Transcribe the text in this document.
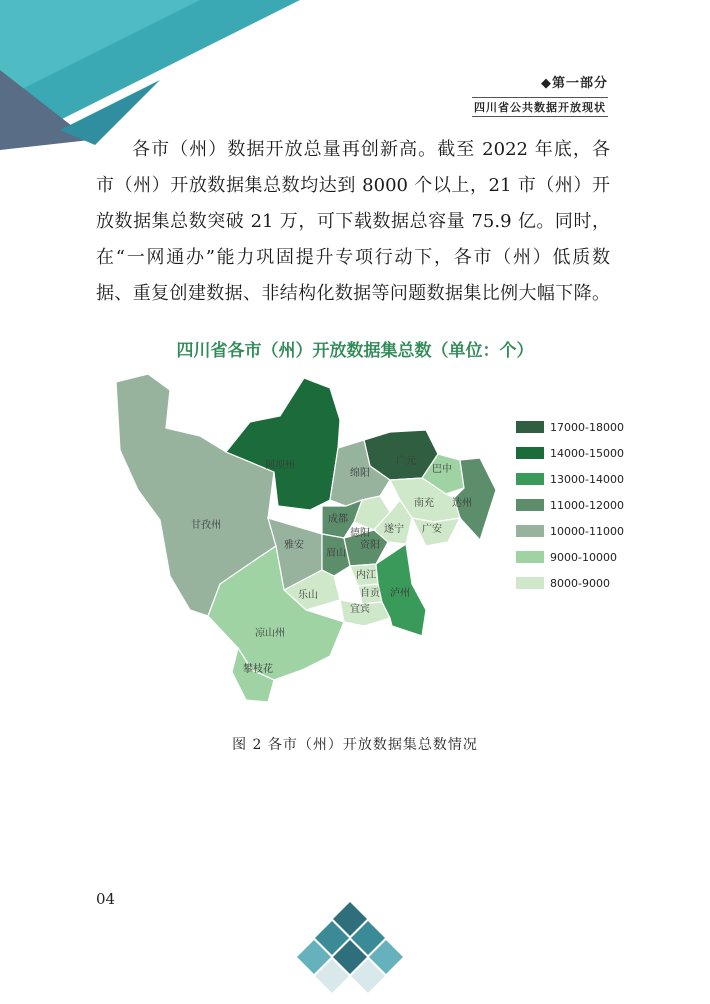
◆第一部分
四川省公共数据开放现状
各市（州）数据开放总量再创新高。截至 2022 年底，各
市（州）开放数据集总数均达到 8000 个以上，21 市（州）开
放数据集总数突破 21 万，可下载数据总容量 75.9 亿。同时，
在“一网通办”能力巩固提升专项行动下，各市（州）低质数
据、重复创建数据、非结构化数据等问题数据集比例大幅下降。
四川省各市（州）开放数据集总数（单位：个）
甘孜州
阿坝州	广元
绵阳	巴中
达州
南充
德阳
成都
遂宁 广安
雅安
眉山
资阳
内江
乐山	自贡
宜宾
泸州
凉山州
攀枝花
17000-18000
14000-15000
13000-14000
11000-12000
10000-11000
9000-10000
8000-9000
图 2 各市（州）开放数据集总数情况
04
